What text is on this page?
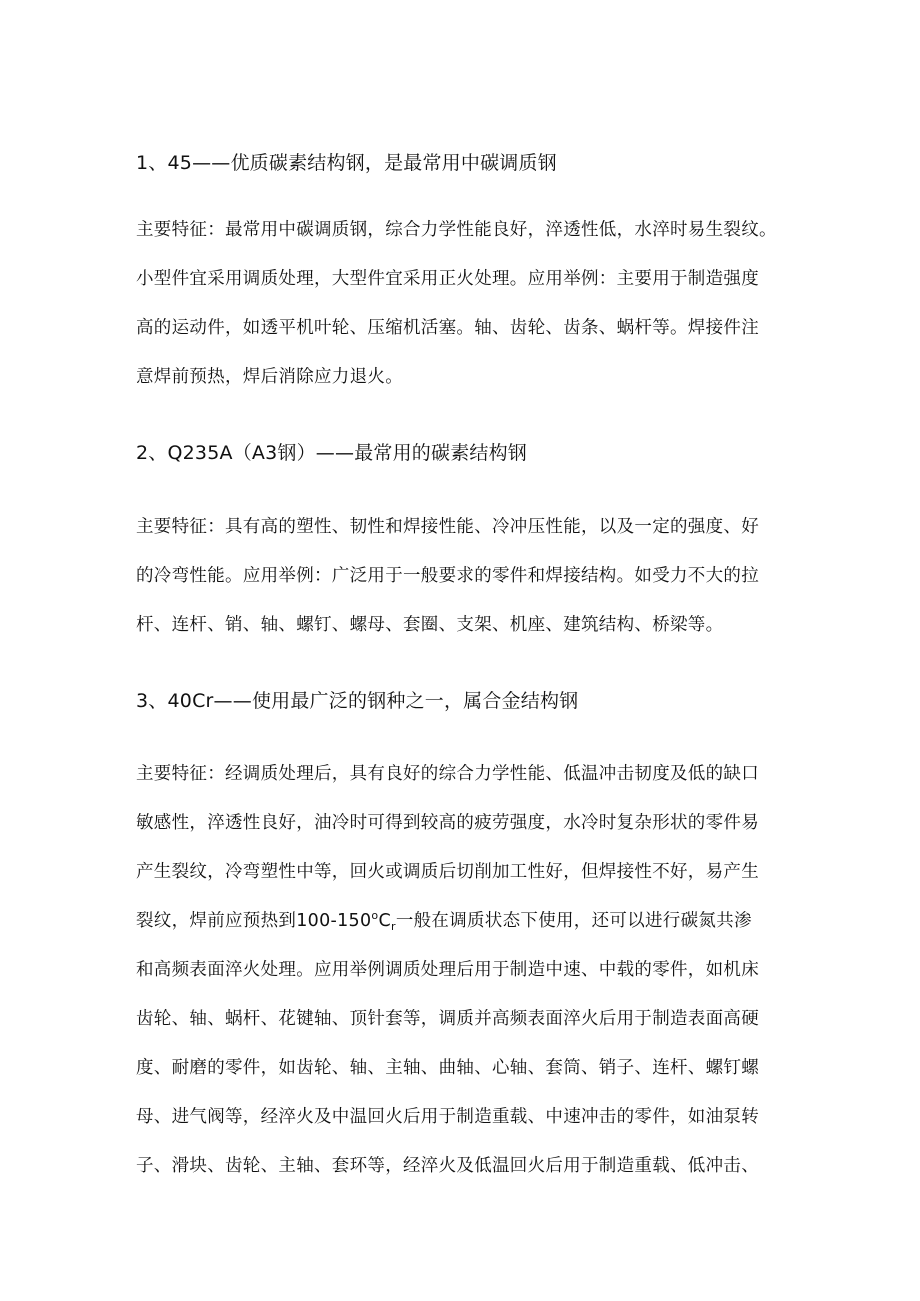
1、45——优质碳素结构钢，是最常用中碳调质钢
主要特征：最常用中碳调质钢，综合力学性能良好，淬透性低，水淬时易生裂纹。
小型件宜采用调质处理，大型件宜采用正火处理。应用举例：主要用于制造强度
高的运动件，如透平机叶轮、压缩机活塞。轴、齿轮、齿条、蜗杆等。焊接件注
意焊前预热，焊后消除应力退火。
2、Q235A（A3钢）——最常用的碳素结构钢
主要特征：具有高的塑性、韧性和焊接性能、冷冲压性能，以及一定的强度、好
的冷弯性能。应用举例：广泛用于一般要求的零件和焊接结构。如受力不大的拉
杆、连杆、销、轴、螺钉、螺母、套圈、支架、机座、建筑结构、桥梁等。
3、40Cr——使用最广泛的钢种之一，属合金结构钢
主要特征：经调质处理后，具有良好的综合力学性能、低温冲击韧度及低的缺口
敏感性，淬透性良好，油冷时可得到较高的疲劳强度，水冷时复杂形状的零件易
产生裂纹，冷弯塑性中等，回火或调质后切削加工性好，但焊接性不好，易产生
裂纹，焊前应预热到$100-150^oC_r$一般在调质状态下使用，还可以进行碳氮共渗
和高频表面淬火处理。应用举例调质处理后用于制造中速、中载的零件，如机床
齿轮、轴、蜗杆、花键轴、顶针套等，调质并高频表面淬火后用于制造表面高硬
度、耐磨的零件，如齿轮、轴、主轴、曲轴、心轴、套筒、销子、连杆、螺钉螺
母、进气阀等，经淬火及中温回火后用于制造重载、中速冲击的零件，如油泵转
子、滑块、齿轮、主轴、套环等，经淬火及低温回火后用于制造重载、低冲击、
